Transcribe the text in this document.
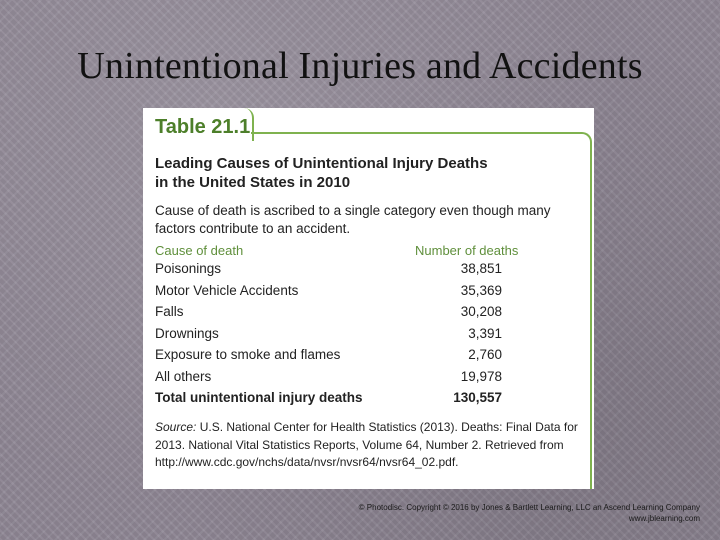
Unintentional Injuries and Accidents
Table 21.1
Leading Causes of Unintentional Injury Deaths
in the United States in 2010
Cause of death is ascribed to a single category even though many
factors contribute to an accident.
Cause of death	Number of deaths
Poisonings	38,851
Motor Vehicle Accidents	35,369
Falls	30,208
Drownings	3,391
Exposure to smoke and flames	2,760
All others	19,978
Total unintentional injury deaths	130,557
Source: U.S. National Center for Health Statistics (2013). Deaths: Final Data for
2013. National Vital Statistics Reports, Volume 64, Number 2. Retrieved from
http://www.cdc.gov/nchs/data/nvsr/nvsr64/nvsr64_02.pdf.
© Photodisc. Copyright © 2016 by Jones & Bartlett Learning, LLC an Ascend Learning Company
www.jblearning.com
